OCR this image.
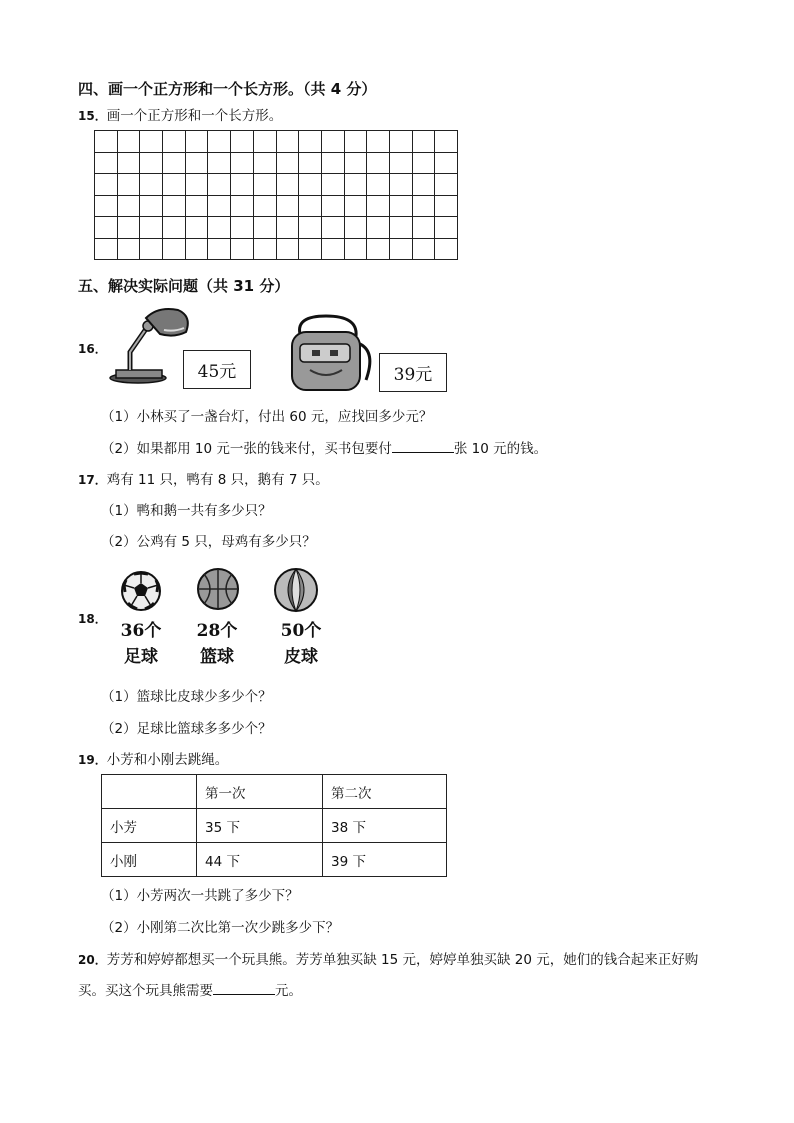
四、画一个正方形和一个长方形。（共 4 分）
15．画一个正方形和一个长方形。

五、解决实际问题（共 31 分）
16．
45元	39元
（1）小林买了一盏台灯，付出 60 元，应找回多少元？
（2）如果都用 10 元一张的钱来付，买书包要付	张 10 元的钱。
17．鸡有 11 只，鸭有 8 只，鹅有 7 只。
（1）鸭和鹅一共有多少只？
（2）公鸡有 5 只，母鸡有多少只？
18．
36个
足球
28个
篮球
50个
皮球
（1）篮球比皮球少多少个？
（2）足球比篮球多多少个？
19．小芳和小刚去跳绳。
	第一次	第二次
小芳	35 下	38 下
小刚	44 下	39 下
（1）小芳两次一共跳了多少下？
（2）小刚第二次比第一次少跳多少下？
20．芳芳和婷婷都想买一个玩具熊。芳芳单独买缺 15 元，婷婷单独买缺 20 元，她们的钱合起来正好购
买。买这个玩具熊需要	元。
